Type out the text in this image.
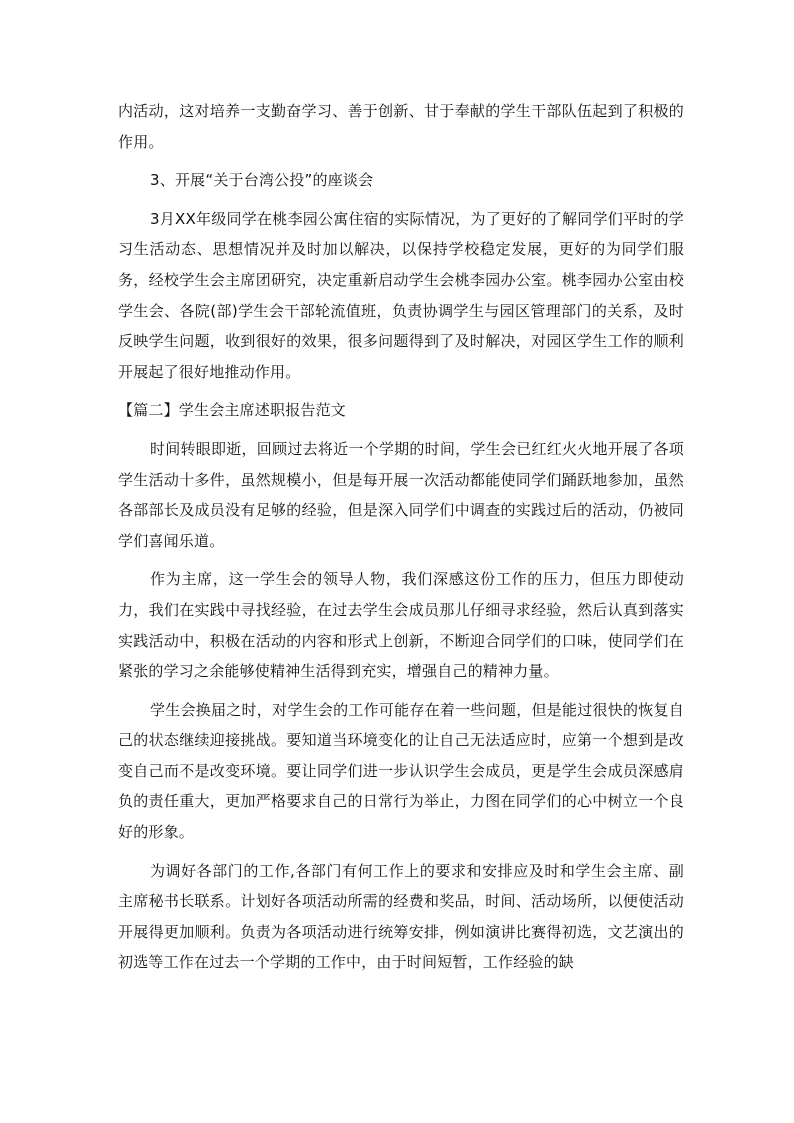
内活动，这对培养一支勤奋学习、善于创新、甘于奉献的学生干部队伍起到了积极的作用。

3、开展“关于台湾公投”的座谈会

3月XX年级同学在桃李园公寓住宿的实际情况，为了更好的了解同学们平时的学习生活动态、思想情况并及时加以解决，以保持学校稳定发展，更好的为同学们服务，经校学生会主席团研究，决定重新启动学生会桃李园办公室。桃李园办公室由校学生会、各院(部)学生会干部轮流值班，负责协调学生与园区管理部门的关系，及时反映学生问题，收到很好的效果，很多问题得到了及时解决，对园区学生工作的顺利开展起了很好地推动作用。

【篇二】学生会主席述职报告范文

时间转眼即逝，回顾过去将近一个学期的时间，学生会已红红火火地开展了各项学生活动十多件，虽然规模小，但是每开展一次活动都能使同学们踊跃地参加，虽然各部部长及成员没有足够的经验，但是深入同学们中调查的实践过后的活动，仍被同学们喜闻乐道。

作为主席，这一学生会的领导人物，我们深感这份工作的压力，但压力即使动力，我们在实践中寻找经验，在过去学生会成员那儿仔细寻求经验，然后认真到落实实践活动中，积极在活动的内容和形式上创新，不断迎合同学们的口味，使同学们在紧张的学习之余能够使精神生活得到充实，增强自己的精神力量。

学生会换届之时，对学生会的工作可能存在着一些问题，但是能过很快的恢复自己的状态继续迎接挑战。要知道当环境变化的让自己无法适应时，应第一个想到是改变自己而不是改变环境。要让同学们进一步认识学生会成员，更是学生会成员深感肩负的责任重大，更加严格要求自己的日常行为举止，力图在同学们的心中树立一个良好的形象。

为调好各部门的工作,各部门有何工作上的要求和安排应及时和学生会主席、副主席秘书长联系。计划好各项活动所需的经费和奖品，时间、活动场所，以便使活动开展得更加顺利。负责为各项活动进行统筹安排，例如演讲比赛得初选，文艺演出的初选等工作在过去一个学期的工作中，由于时间短暂，工作经验的缺
